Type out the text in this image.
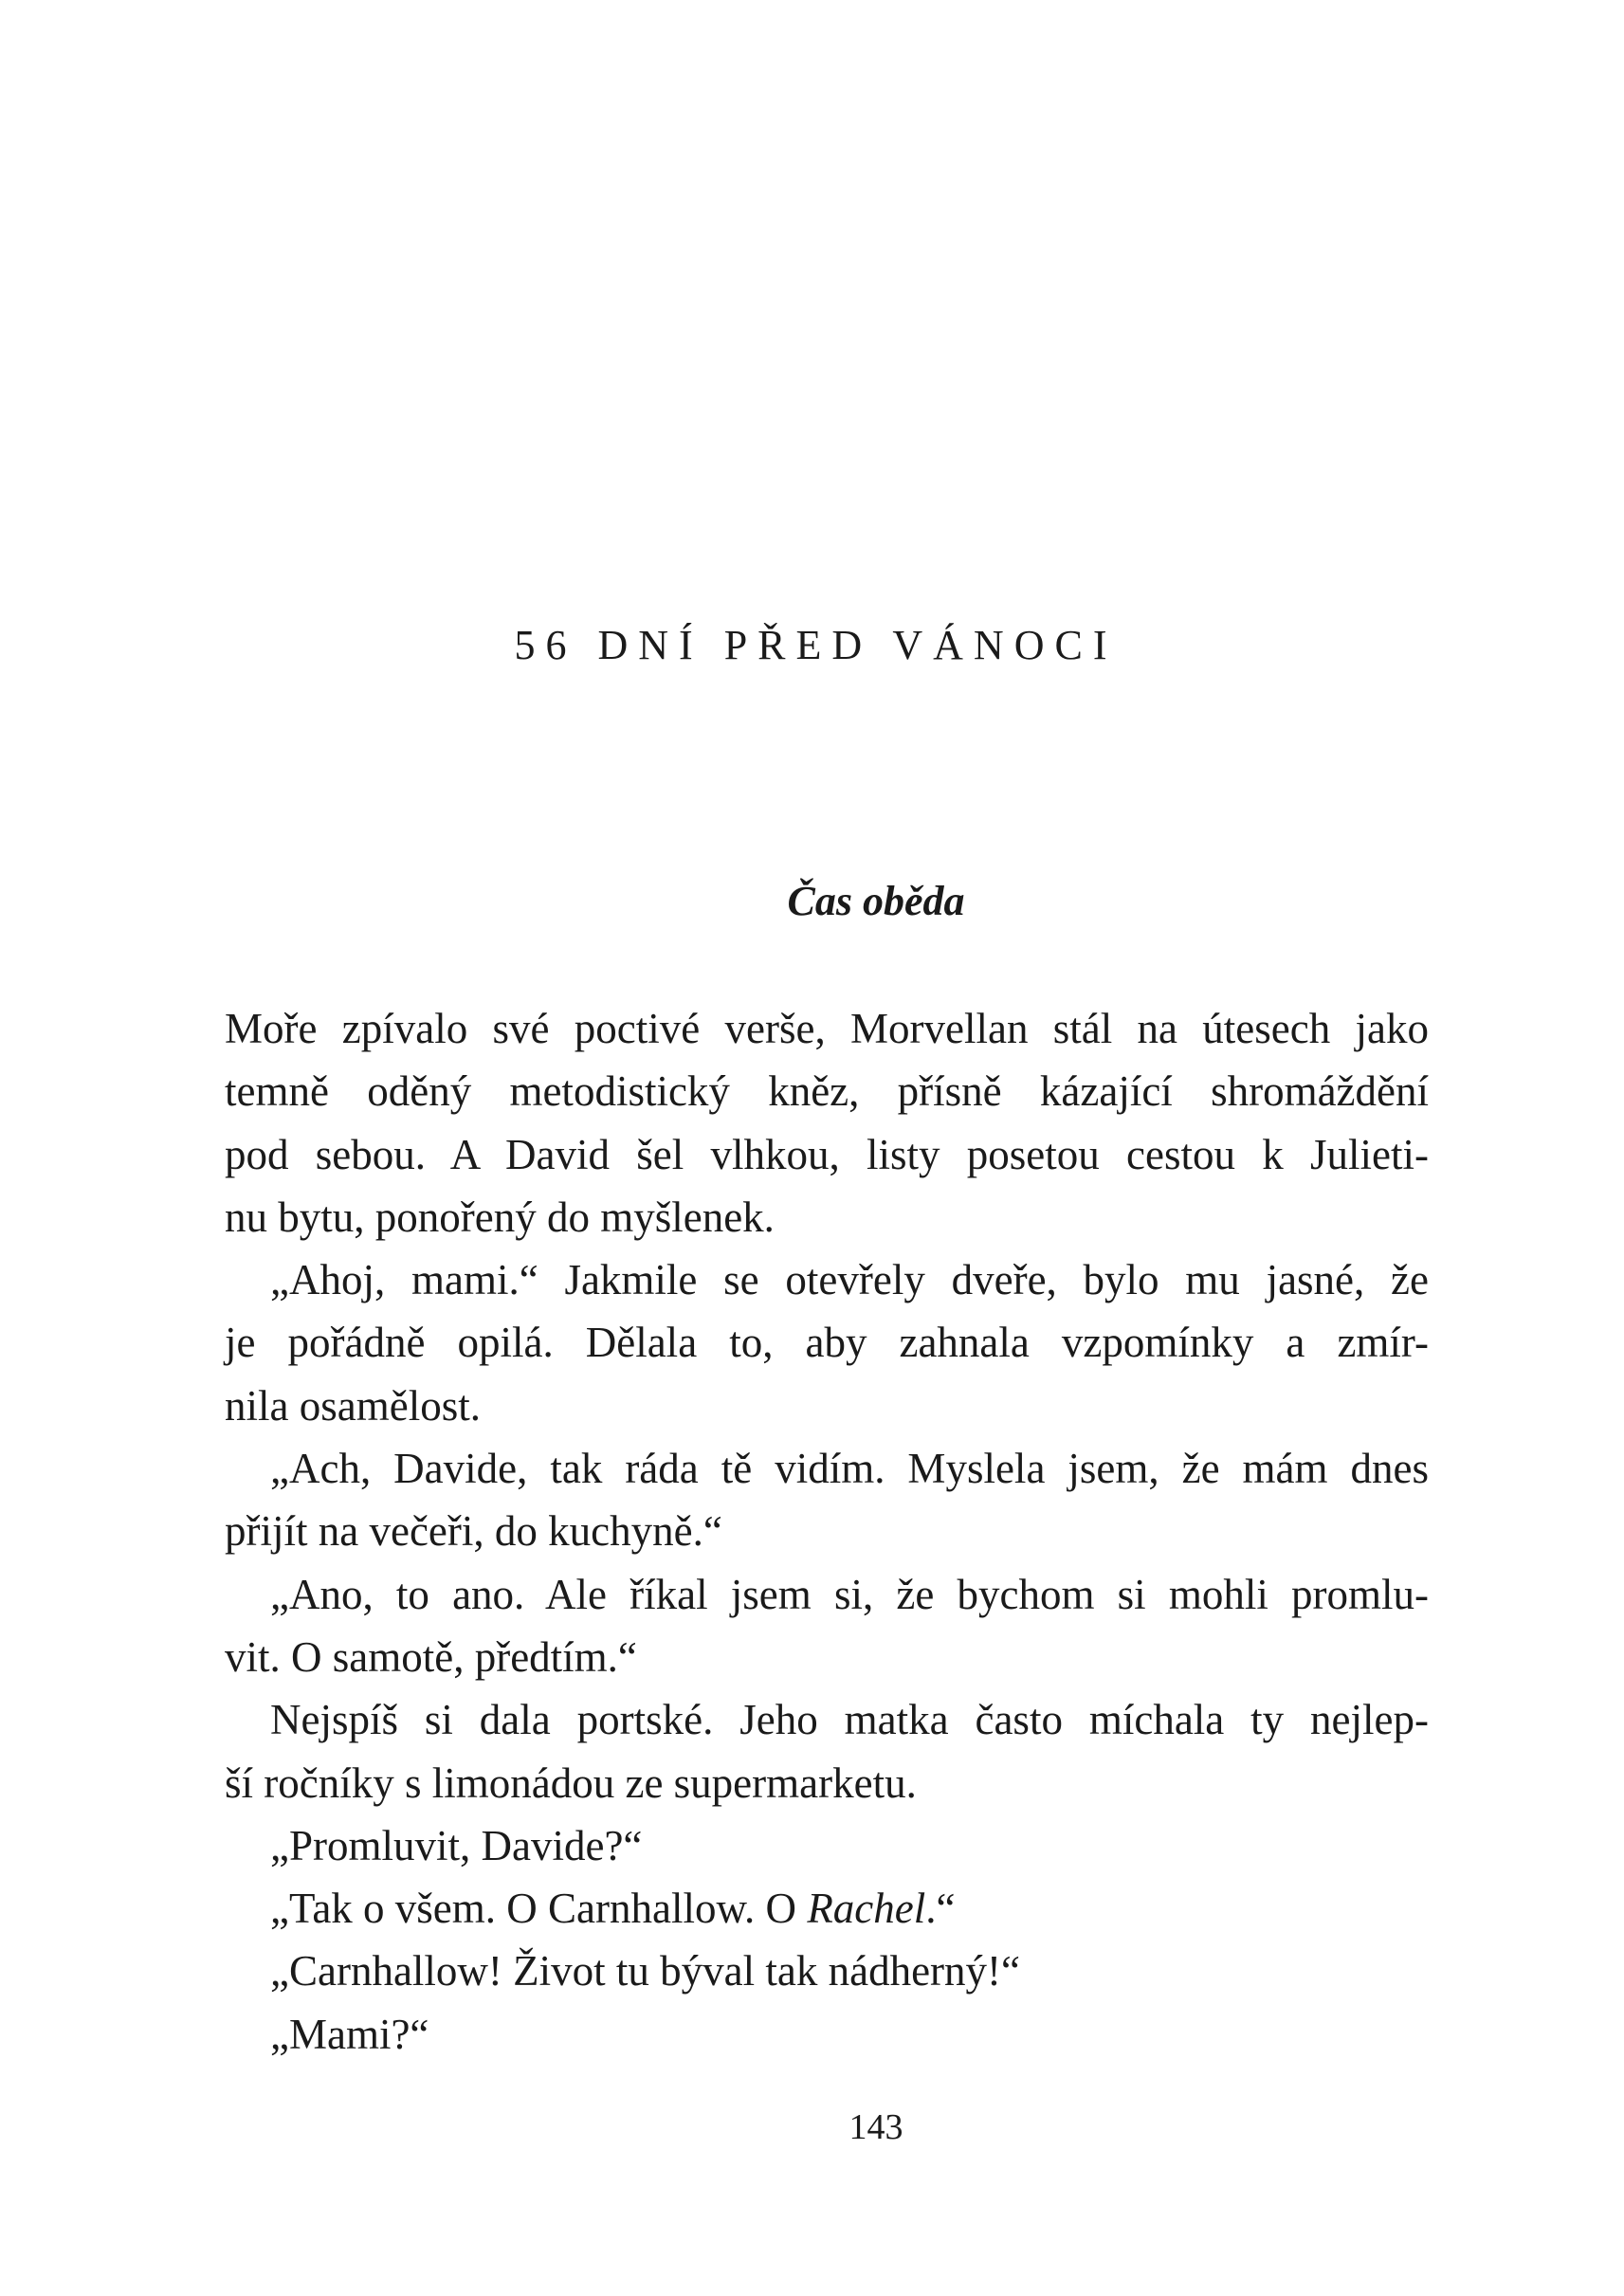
56 DNÍ PŘED VÁNOCI
Čas oběda

Moře zpívalo své poctivé verše, Morvellan stál na útesech jako
temně oděný metodistický kněz, přísně kázající shromáždění
pod sebou. A David šel vlhkou, listy posetou cestou k Julieti-
nu bytu, ponořený do myšlenek.

„Ahoj, mami.“ Jakmile se otevřely dveře, bylo mu jasné, že
je pořádně opilá. Dělala to, aby zahnala vzpomínky a zmír-
nila osamělost.

„Ach, Davide, tak ráda tě vidím. Myslela jsem, že mám dnes
přijít na večeři, do kuchyně.“

„Ano, to ano. Ale říkal jsem si, že bychom si mohli promlu-
vit. O samotě, předtím.“

Nejspíš si dala portské. Jeho matka často míchala ty nejlep-
ší ročníky s limonádou ze supermarketu.

„Promluvit, Davide?“

„Tak o všem. O Carnhallow. O Rachel.“

„Carnhallow! Život tu býval tak nádherný!“

„Mami?“

143
